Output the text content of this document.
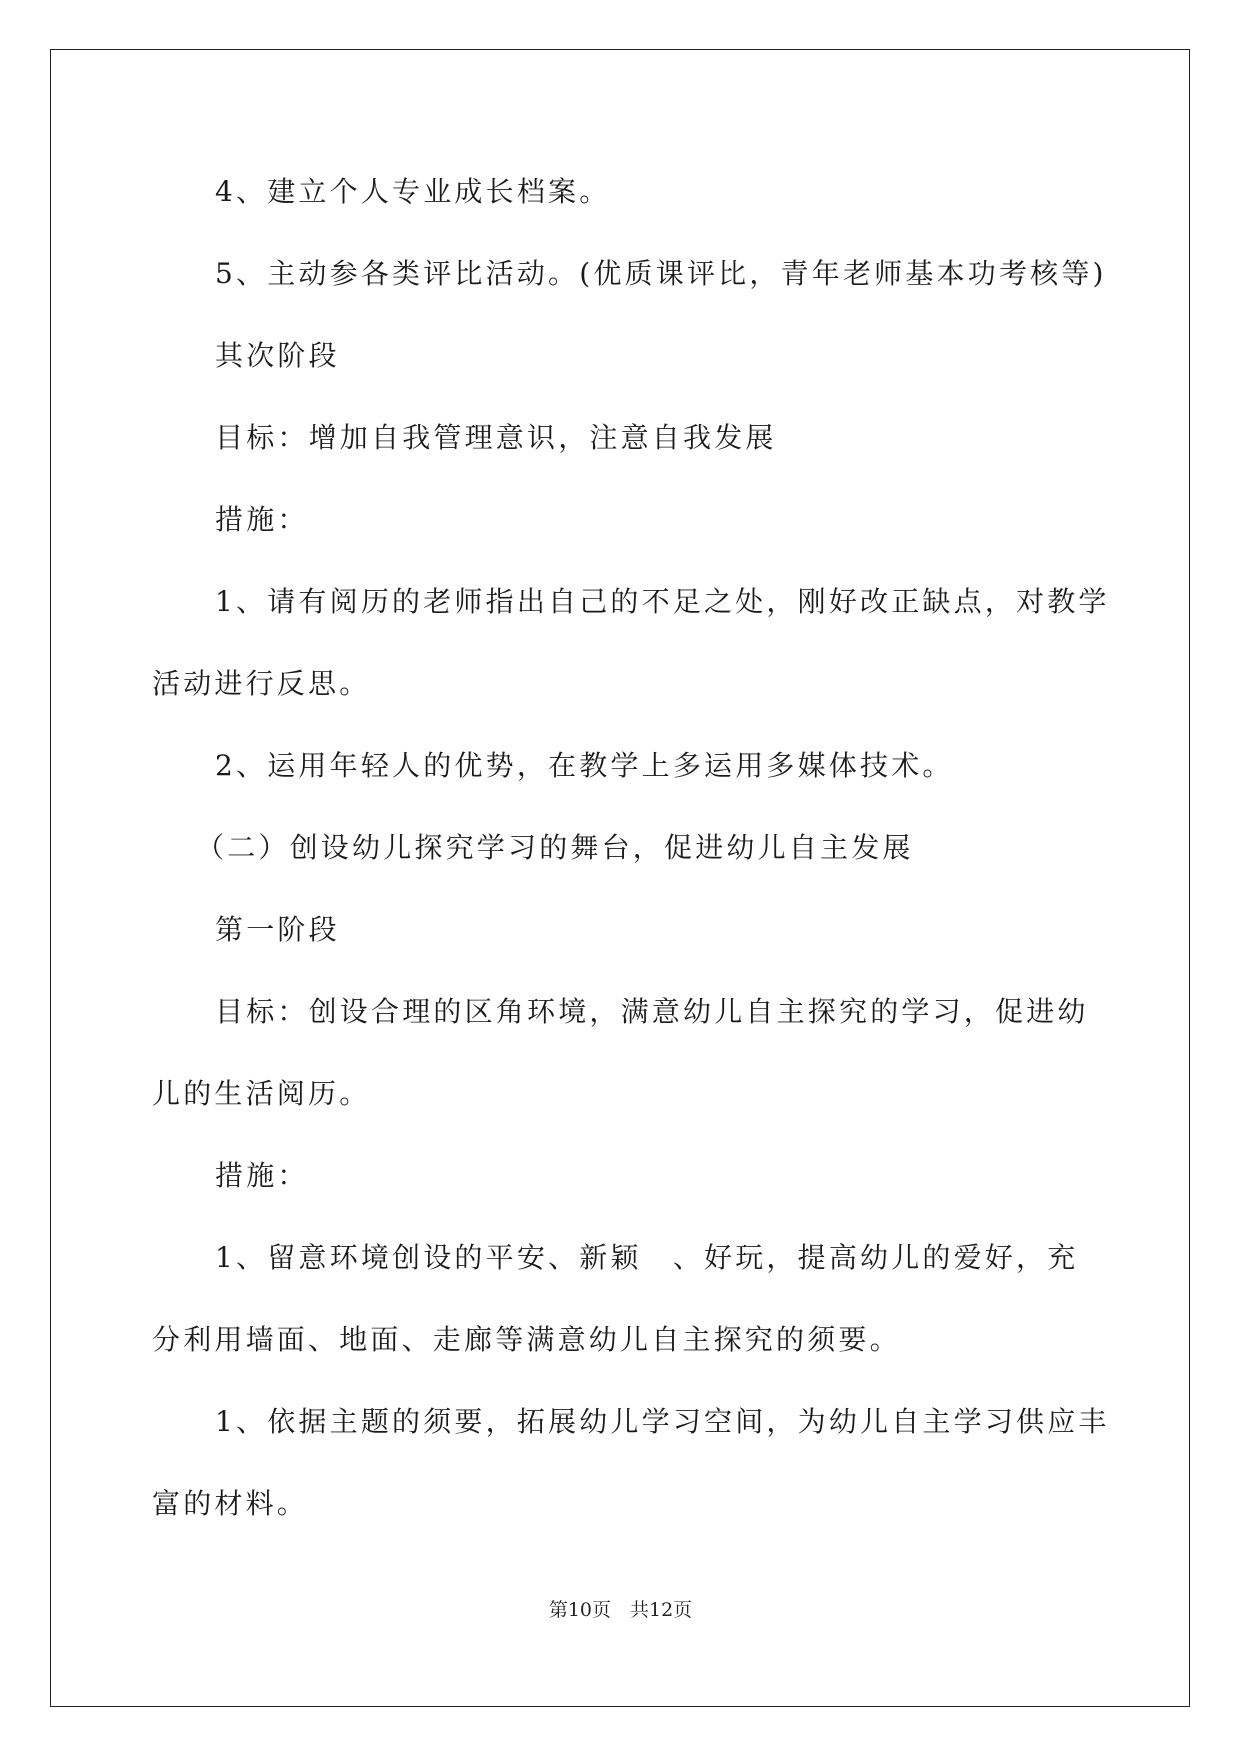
4、建立个人专业成长档案。
5、主动参各类评比活动。(优质课评比，青年老师基本功考核等)
其次阶段
目标：增加自我管理意识，注意自我发展
措施：
1、请有阅历的老师指出自己的不足之处，刚好改正缺点，对教学
活动进行反思。
2、运用年轻人的优势，在教学上多运用多媒体技术。
（二）创设幼儿探究学习的舞台，促进幼儿自主发展
第一阶段
目标：创设合理的区角环境，满意幼儿自主探究的学习，促进幼
儿的生活阅历。
措施：
1、留意环境创设的平安、新颖　、好玩，提高幼儿的爱好，充
分利用墙面、地面、走廊等满意幼儿自主探究的须要。
1、依据主题的须要，拓展幼儿学习空间，为幼儿自主学习供应丰
富的材料。
第10页　共12页
